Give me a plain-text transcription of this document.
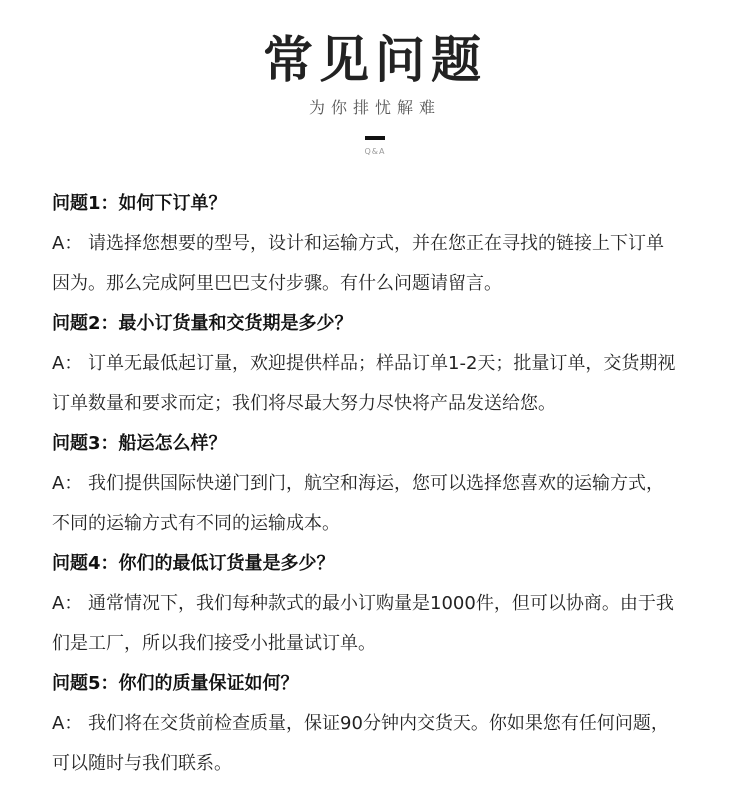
常见问题
为你排忧解难
Q&A
问题1：如何下订单？
A： 请选择您想要的型号，设计和运输方式，并在您正在寻找的链接上下订单
因为。那么完成阿里巴巴支付步骤。有什么问题请留言。
问题2：最小订货量和交货期是多少？
A： 订单无最低起订量，欢迎提供样品；样品订单1-2天；批量订单，交货期视
订单数量和要求而定；我们将尽最大努力尽快将产品发送给您。
问题3：船运怎么样？
A： 我们提供国际快递门到门，航空和海运，您可以选择您喜欢的运输方式，
不同的运输方式有不同的运输成本。
问题4：你们的最低订货量是多少？
A： 通常情况下，我们每种款式的最小订购量是1000件，但可以协商。由于我
们是工厂，所以我们接受小批量试订单。
问题5：你们的质量保证如何？
A： 我们将在交货前检查质量，保证90分钟内交货天。你如果您有任何问题，
可以随时与我们联系。
